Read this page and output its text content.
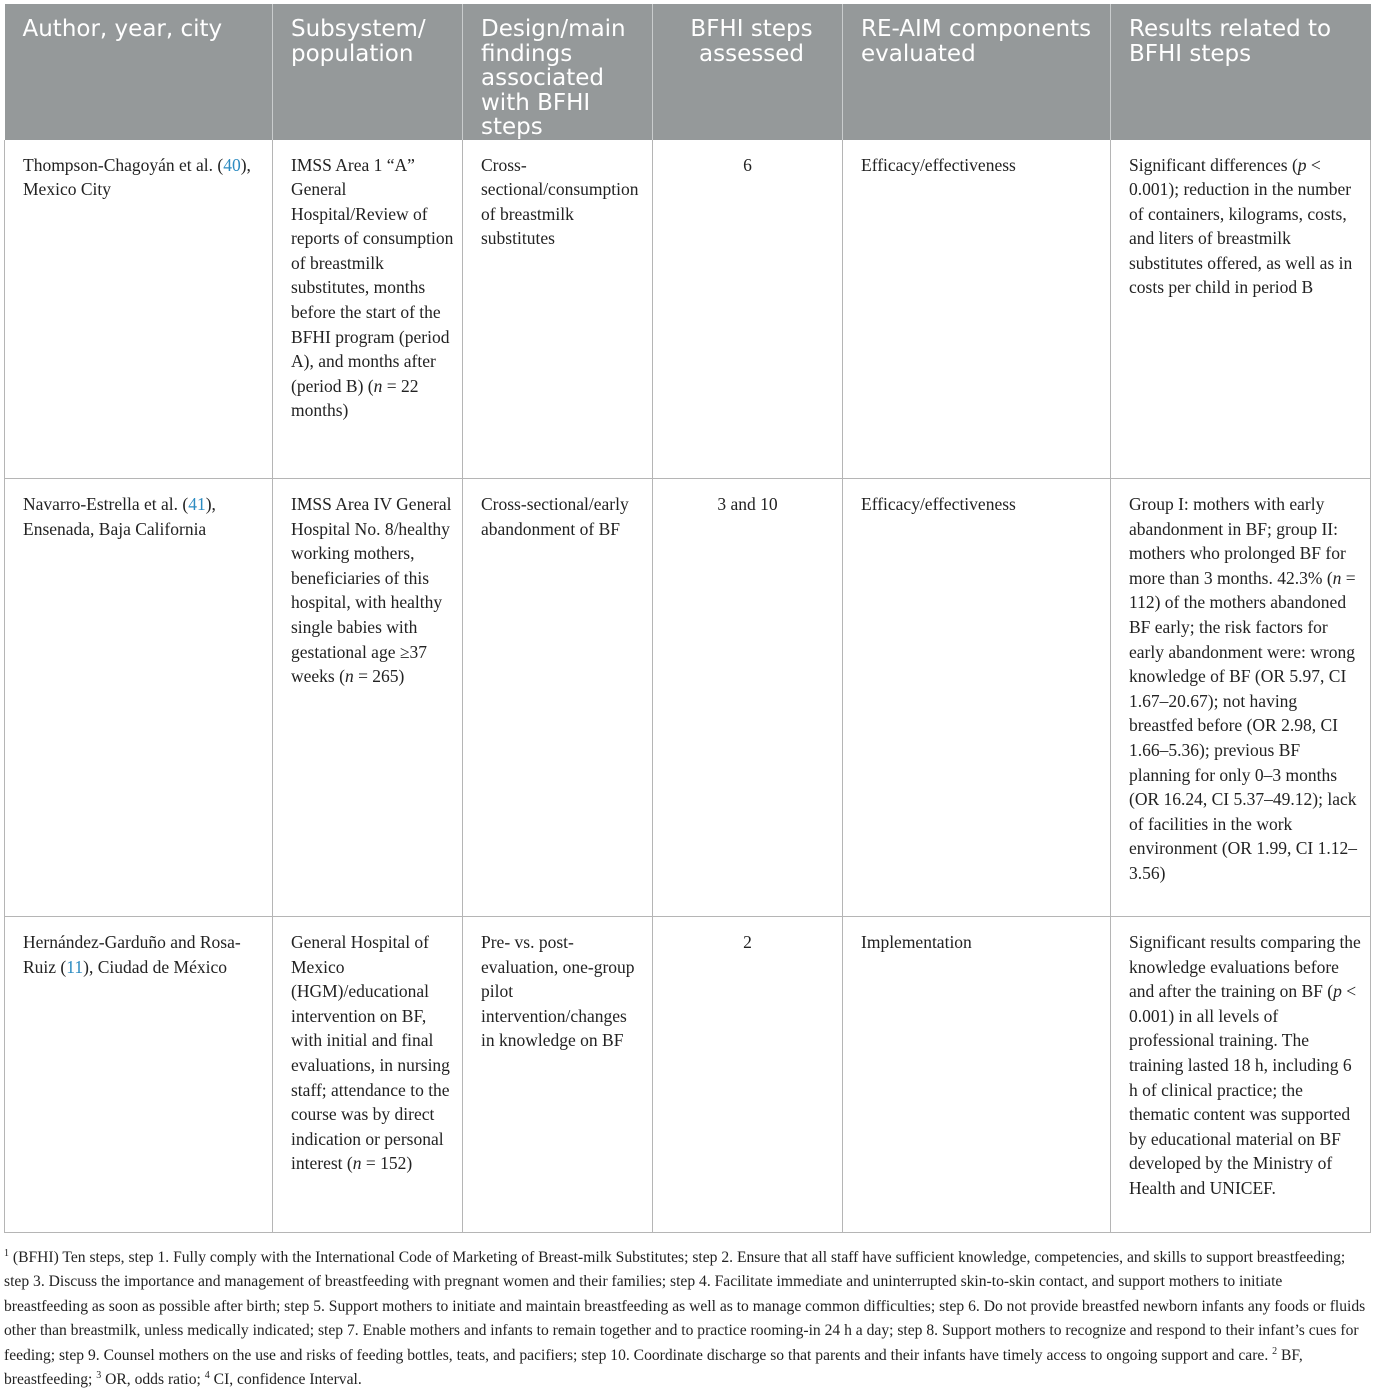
Author, year, city	Subsystem/ population	Design/main findings associated with BFHI steps	BFHI steps assessed	RE-AIM components evaluated	Results related to BFHI steps
Thompson-Chagoyán et al. (40), Mexico City	IMSS Area 1 “A” General Hospital/Review of reports of consumption of breastmilk substitutes, months before the start of the BFHI program (period A), and months after (period B) (n = 22 months)	Cross-sectional/consumption of breastmilk substitutes	6	Efficacy/effectiveness	Significant differences (p < 0.001); reduction in the number of containers, kilograms, costs, and liters of breastmilk substitutes offered, as well as in costs per child in period B
Navarro-Estrella et al. (41), Ensenada, Baja California	IMSS Area IV General Hospital No. 8/healthy working mothers, beneficiaries of this hospital, with healthy single babies with gestational age ≥37 weeks (n = 265)	Cross-sectional/early abandonment of BF	3 and 10	Efficacy/effectiveness	Group I: mothers with early abandonment in BF; group II: mothers who prolonged BF for more than 3 months. 42.3% (n = 112) of the mothers abandoned BF early; the risk factors for early abandonment were: wrong knowledge of BF (OR 5.97, CI 1.67–20.67); not having breastfed before (OR 2.98, CI 1.66–5.36); previous BF planning for only 0–3 months (OR 16.24, CI 5.37–49.12); lack of facilities in the work environment (OR 1.99, CI 1.12–3.56)
Hernández-Garduño and Rosa-Ruiz (11), Ciudad de México	General Hospital of Mexico (HGM)/educational intervention on BF, with initial and final evaluations, in nursing staff; attendance to the course was by direct indication or personal interest (n = 152)	Pre- vs. post-evaluation, one-group pilot intervention/changes in knowledge on BF	2	Implementation	Significant results comparing the knowledge evaluations before and after the training on BF (p < 0.001) in all levels of professional training. The training lasted 18 h, including 6 h of clinical practice; the thematic content was supported by educational material on BF developed by the Ministry of Health and UNICEF.
$^1$ (BFHI) Ten steps, step 1. Fully comply with the International Code of Marketing of Breast-milk Substitutes; step 2. Ensure that all staff have sufficient knowledge, competencies, and skills to support breastfeeding; step 3. Discuss the importance and management of breastfeeding with pregnant women and their families; step 4. Facilitate immediate and uninterrupted skin-to-skin contact, and support mothers to initiate breastfeeding as soon as possible after birth; step 5. Support mothers to initiate and maintain breastfeeding as well as to manage common difficulties; step 6. Do not provide breastfed newborn infants any foods or fluids other than breastmilk, unless medically indicated; step 7. Enable mothers and infants to remain together and to practice rooming-in 24 h a day; step 8. Support mothers to recognize and respond to their infant’s cues for feeding; step 9. Counsel mothers on the use and risks of feeding bottles, teats, and pacifiers; step 10. Coordinate discharge so that parents and their infants have timely access to ongoing support and care. $^2$ BF, breastfeeding; $^3$ OR, odds ratio; $^4$ CI, confidence Interval.
